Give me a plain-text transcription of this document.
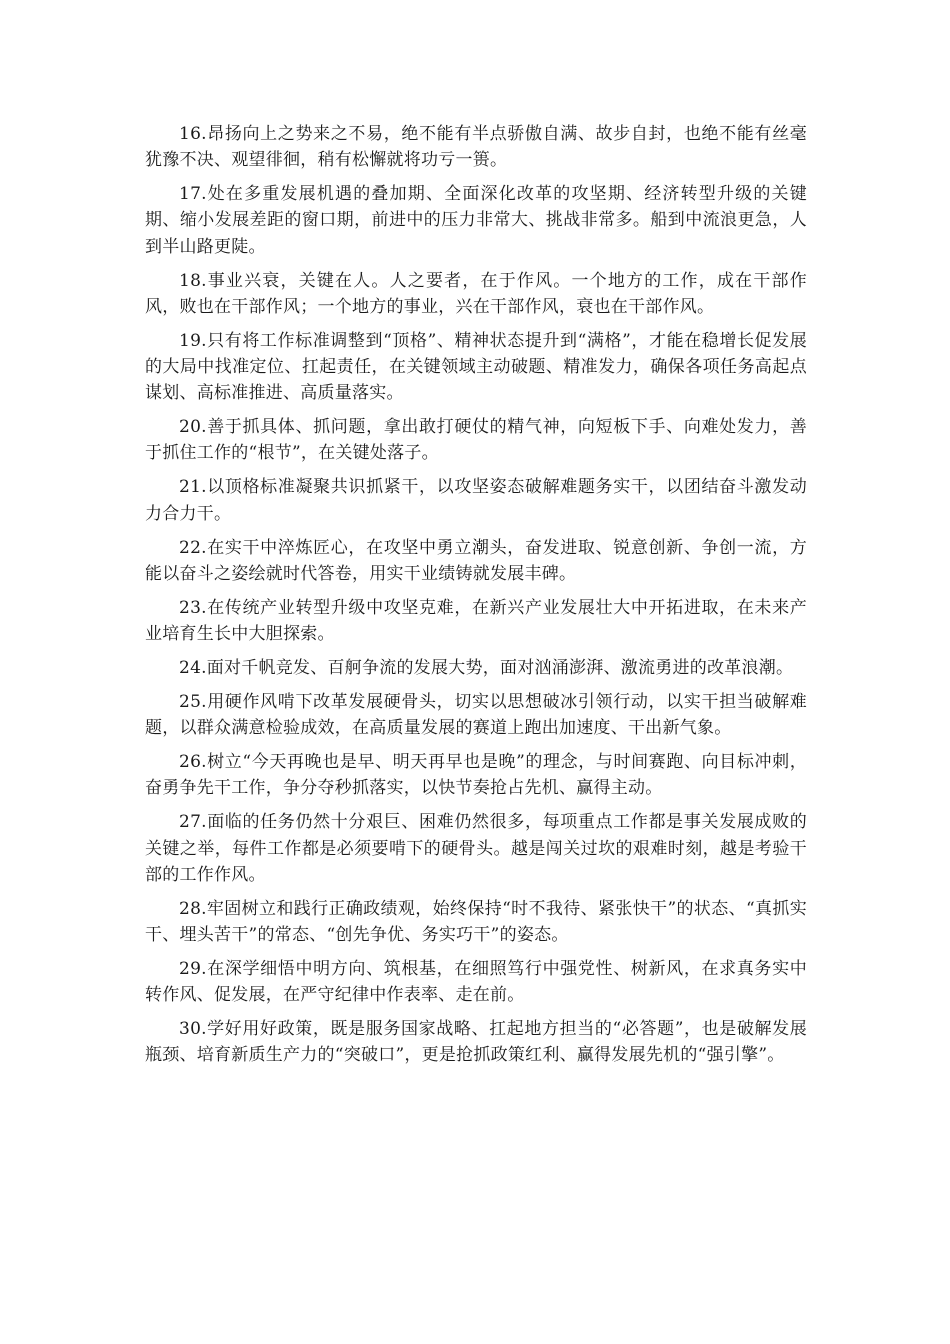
16.昂扬向上之势来之不易，绝不能有半点骄傲自满、故步自封，也绝不能有丝毫犹豫不决、观望徘徊，稍有松懈就将功亏一篑。

17.处在多重发展机遇的叠加期、全面深化改革的攻坚期、经济转型升级的关键期、缩小发展差距的窗口期，前进中的压力非常大、挑战非常多。船到中流浪更急，人到半山路更陡。

18.事业兴衰，关键在人。人之要者，在于作风。一个地方的工作，成在干部作风，败也在干部作风；一个地方的事业，兴在干部作风，衰也在干部作风。

19.只有将工作标准调整到“顶格”、精神状态提升到“满格”，才能在稳增长促发展的大局中找准定位、扛起责任，在关键领域主动破题、精准发力，确保各项任务高起点谋划、高标准推进、高质量落实。

20.善于抓具体、抓问题，拿出敢打硬仗的精气神，向短板下手、向难处发力，善于抓住工作的“根节”，在关键处落子。

21.以顶格标准凝聚共识抓紧干，以攻坚姿态破解难题务实干，以团结奋斗激发动力合力干。

22.在实干中淬炼匠心，在攻坚中勇立潮头，奋发进取、锐意创新、争创一流，方能以奋斗之姿绘就时代答卷，用实干业绩铸就发展丰碑。

23.在传统产业转型升级中攻坚克难，在新兴产业发展壮大中开拓进取，在未来产业培育生长中大胆探索。

24.面对千帆竞发、百舸争流的发展大势，面对汹涌澎湃、激流勇进的改革浪潮。

25.用硬作风啃下改革发展硬骨头，切实以思想破冰引领行动，以实干担当破解难题，以群众满意检验成效，在高质量发展的赛道上跑出加速度、干出新气象。

26.树立“今天再晚也是早、明天再早也是晚”的理念，与时间赛跑、向目标冲刺，奋勇争先干工作，争分夺秒抓落实，以快节奏抢占先机、赢得主动。

27.面临的任务仍然十分艰巨、困难仍然很多，每项重点工作都是事关发展成败的关键之举，每件工作都是必须要啃下的硬骨头。越是闯关过坎的艰难时刻，越是考验干部的工作作风。

28.牢固树立和践行正确政绩观，始终保持“时不我待、紧张快干”的状态、“真抓实干、埋头苦干”的常态、“创先争优、务实巧干”的姿态。

29.在深学细悟中明方向、筑根基，在细照笃行中强党性、树新风，在求真务实中转作风、促发展，在严守纪律中作表率、走在前。

30.学好用好政策，既是服务国家战略、扛起地方担当的“必答题”，也是破解发展瓶颈、培育新质生产力的“突破口”，更是抢抓政策红利、赢得发展先机的“强引擎”。
